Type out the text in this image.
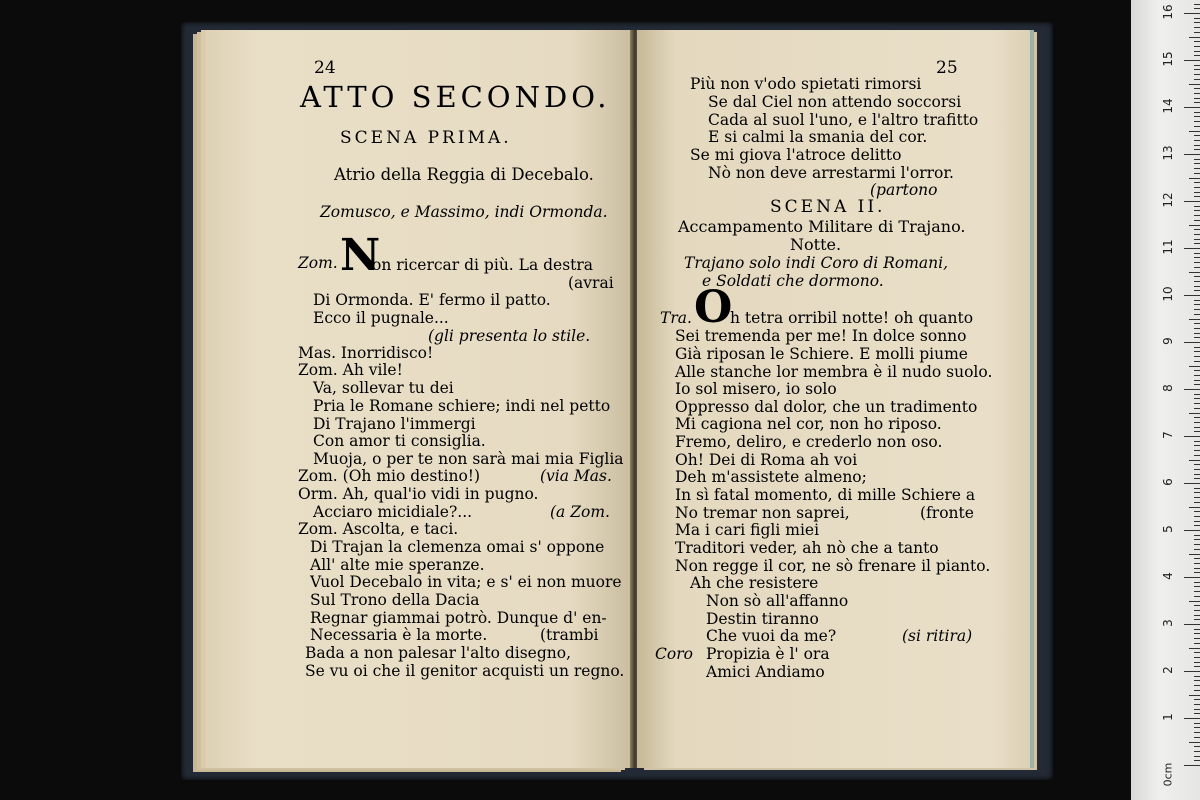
24
ATTO SECONDO.
SCENA PRIMA.
Atrio della Reggia di Decebalo.
Zomusco, e Massimo, indi Ormonda.
Zom. N
on ricercar di più. La destra
(avrai
Di Ormonda. E' fermo il patto.
Ecco il pugnale...
(gli presenta lo stile.
Mas. Inorridisco!
Zom. Ah vile!
Va, sollevar tu dei
Pria le Romane schiere; indi nel petto
Di Trajano l'immergi
Con amor ti consiglia.
Muoja, o per te non sarà mai mia Figlia
Zom. (Oh mio destino!)	(via Mas.
Orm. Ah, qual'io vidi in pugno.
Acciaro micidiale?...	(a Zom.
Zom. Ascolta, e taci.
Di Trajan la clemenza omai s' oppone
All' alte mie speranze.
Vuol Decebalo in vita; e s' ei non muore
Sul Trono della Dacia
Regnar giammai potrò. Dunque d' en-
Necessaria è la morte.	(trambi
Bada a non palesar l'alto disegno,
Se vu oi che il genitor acquisti un regno.
25
Più non v'odo spietati rimorsi
Se dal Ciel non attendo soccorsi
Cada al suol l'uno, e l'altro trafitto
E si calmi la smania del cor.
Se mi giova l'atroce delitto
Nò non deve arrestarmi l'orror.
(partono
SCENA II.
Accampamento Militare di Trajano.
Notte.
Trajano solo indi Coro di Romani,
e Soldati che dormono.
Tra. O
h tetra orribil notte! oh quanto
Sei tremenda per me! In dolce sonno
Già riposan le Schiere. E molli piume
Alle stanche lor membra è il nudo suolo.
Io sol misero, io solo
Oppresso dal dolor, che un tradimento
Mi cagiona nel cor, non ho riposo.
Fremo, deliro, e crederlo non oso.
Oh! Dei di Roma ah voi
Deh m'assistete almeno;
In sì fatal momento, di mille Schiere a
No tremar non saprei,	(fronte
Ma i cari figli miei
Traditori veder, ah nò che a tanto
Non regge il cor, ne sò frenare il pianto.
Ah che resistere
Non sò all'affanno
Destin tiranno
Che vuoi da me?	(si ritira)
Coro Propizia è l' ora
Amici Andiamo
16
15
14
13
12
11
10
9
8
7
6
5
4
3
2
1
0cm
